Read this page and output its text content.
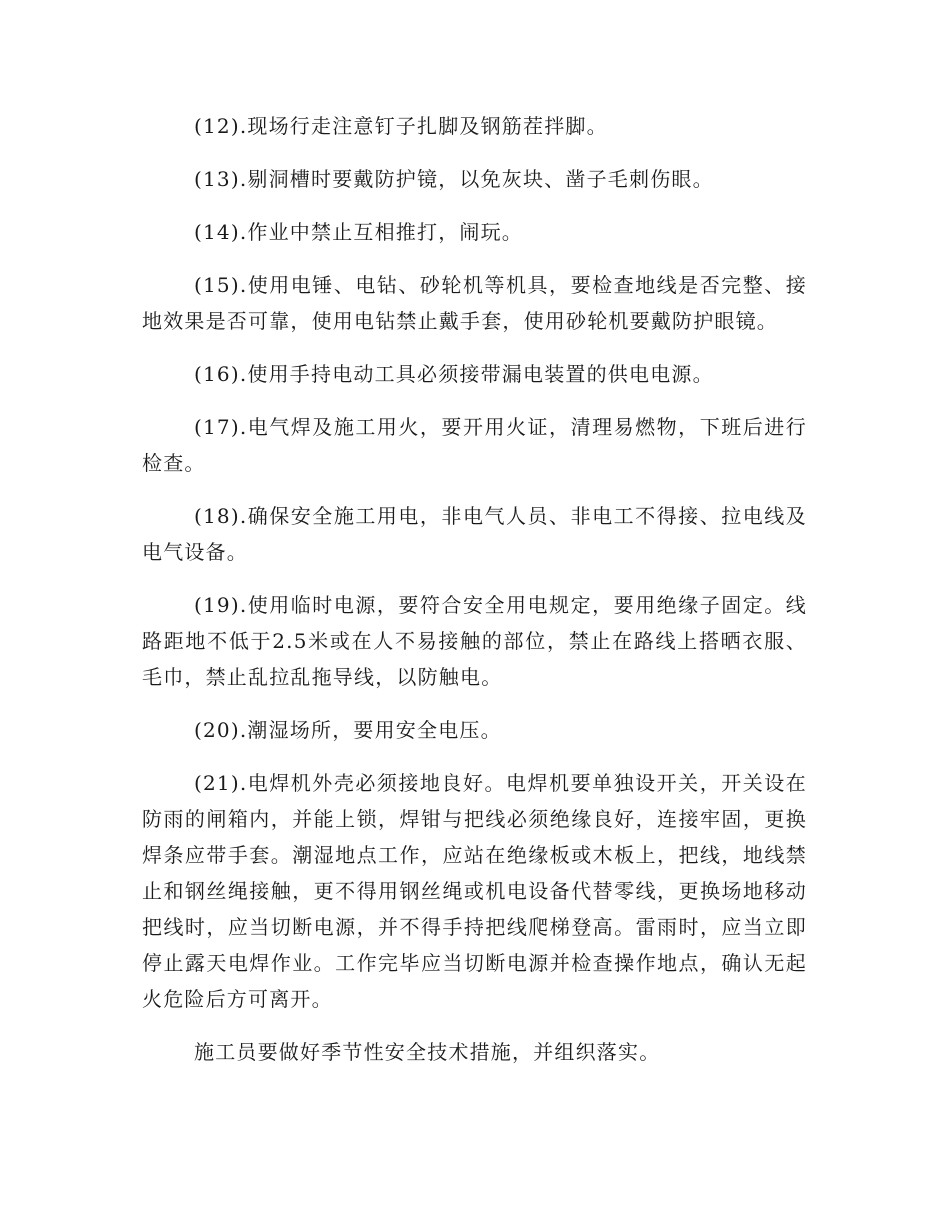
(12).现场行走注意钉子扎脚及钢筋茬拌脚。

(13).剔洞槽时要戴防护镜，以免灰块、凿子毛刺伤眼。

(14).作业中禁止互相推打，闹玩。

(15).使用电锤、电钻、砂轮机等机具，要检查地线是否完整、接地效果是否可靠，使用电钻禁止戴手套，使用砂轮机要戴防护眼镜。

(16).使用手持电动工具必须接带漏电装置的供电电源。

(17).电气焊及施工用火，要开用火证，清理易燃物，下班后进行检查。

(18).确保安全施工用电，非电气人员、非电工不得接、拉电线及电气设备。

(19).使用临时电源，要符合安全用电规定，要用绝缘子固定。线路距地不低于2.5米或在人不易接触的部位，禁止在路线上搭晒衣服、毛巾，禁止乱拉乱拖导线，以防触电。

(20).潮湿场所，要用安全电压。

(21).电焊机外壳必须接地良好。电焊机要单独设开关，开关设在防雨的闸箱内，并能上锁，焊钳与把线必须绝缘良好，连接牢固，更换焊条应带手套。潮湿地点工作，应站在绝缘板或木板上，把线，地线禁止和钢丝绳接触，更不得用钢丝绳或机电设备代替零线，更换场地移动把线时，应当切断电源，并不得手持把线爬梯登高。雷雨时，应当立即停止露天电焊作业。工作完毕应当切断电源并检查操作地点，确认无起火危险后方可离开。

施工员要做好季节性安全技术措施，并组织落实。
